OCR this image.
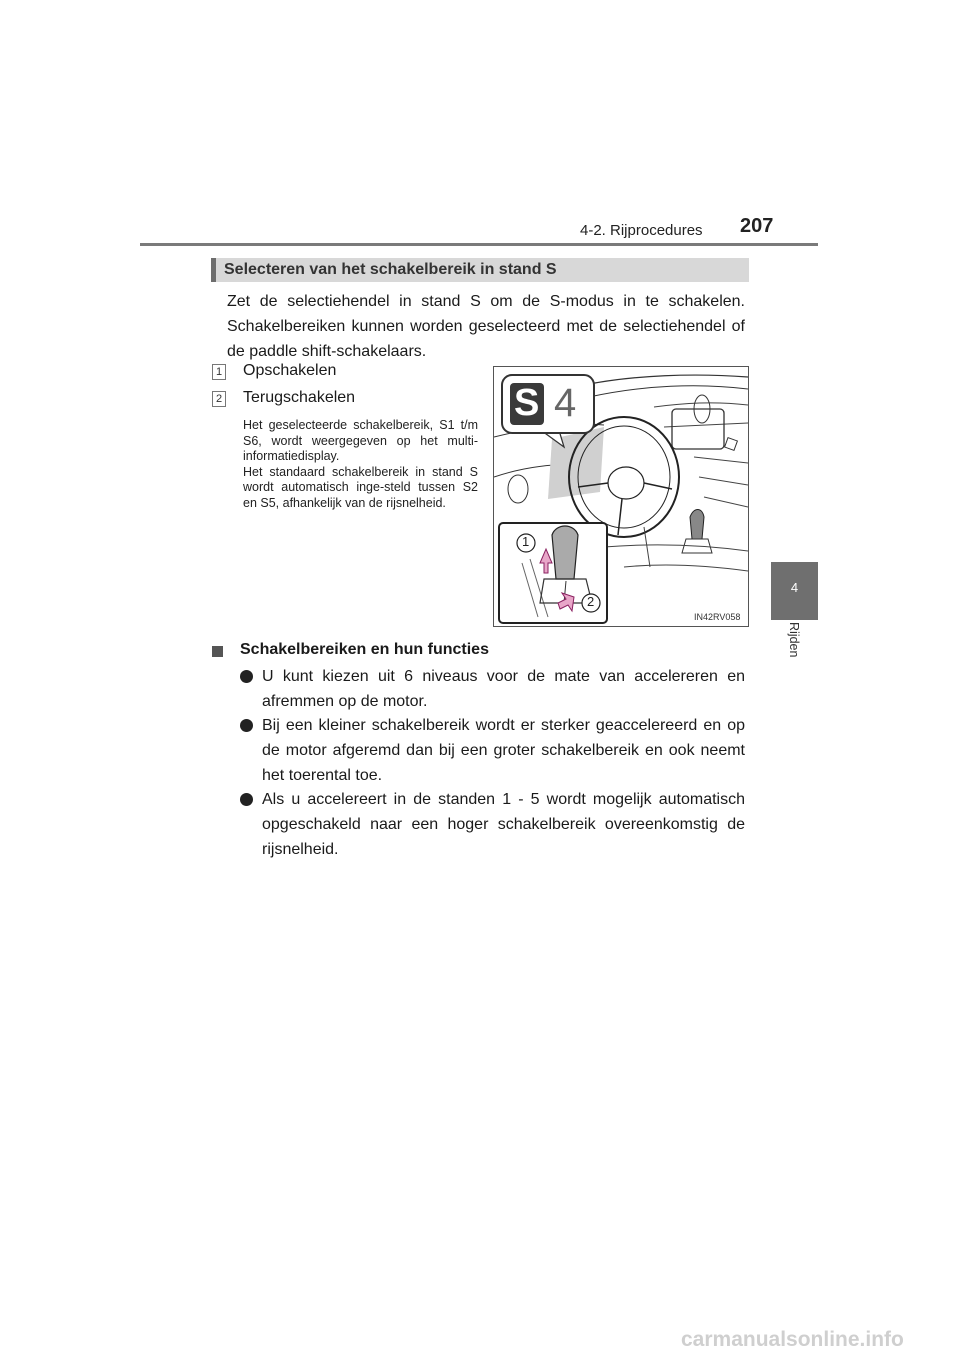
4-2. Rijprocedures 207
Selecteren van het schakelbereik in stand S
Zet de selectiehendel in stand S om de S-modus in te schakelen. Schakelbereiken kunnen worden geselecteerd met de selectiehendel of de paddle shift-schakelaars.
1 Opschakelen
2 Terugschakelen
Het geselecteerde schakelbereik, S1 t/m S6, wordt weergegeven op het multi-informatiedisplay.
Het standaard schakelbereik in stand S wordt automatisch inge-steld tussen S2 en S5, afhankelijk van de rijsnelheid.
S 4
1
2
IN42RV058
Schakelbereiken en hun functies
U kunt kiezen uit 6 niveaus voor de mate van accelereren en afremmen op de motor.
Bij een kleiner schakelbereik wordt er sterker geaccelereerd en op de motor afgeremd dan bij een groter schakelbereik en ook neemt het toerental toe.
Als u accelereert in de standen 1 - 5 wordt mogelijk automatisch opgeschakeld naar een hoger schakelbereik overeenkomstig de rijsnelheid.
4
Rijden
carmanualsonline.info
